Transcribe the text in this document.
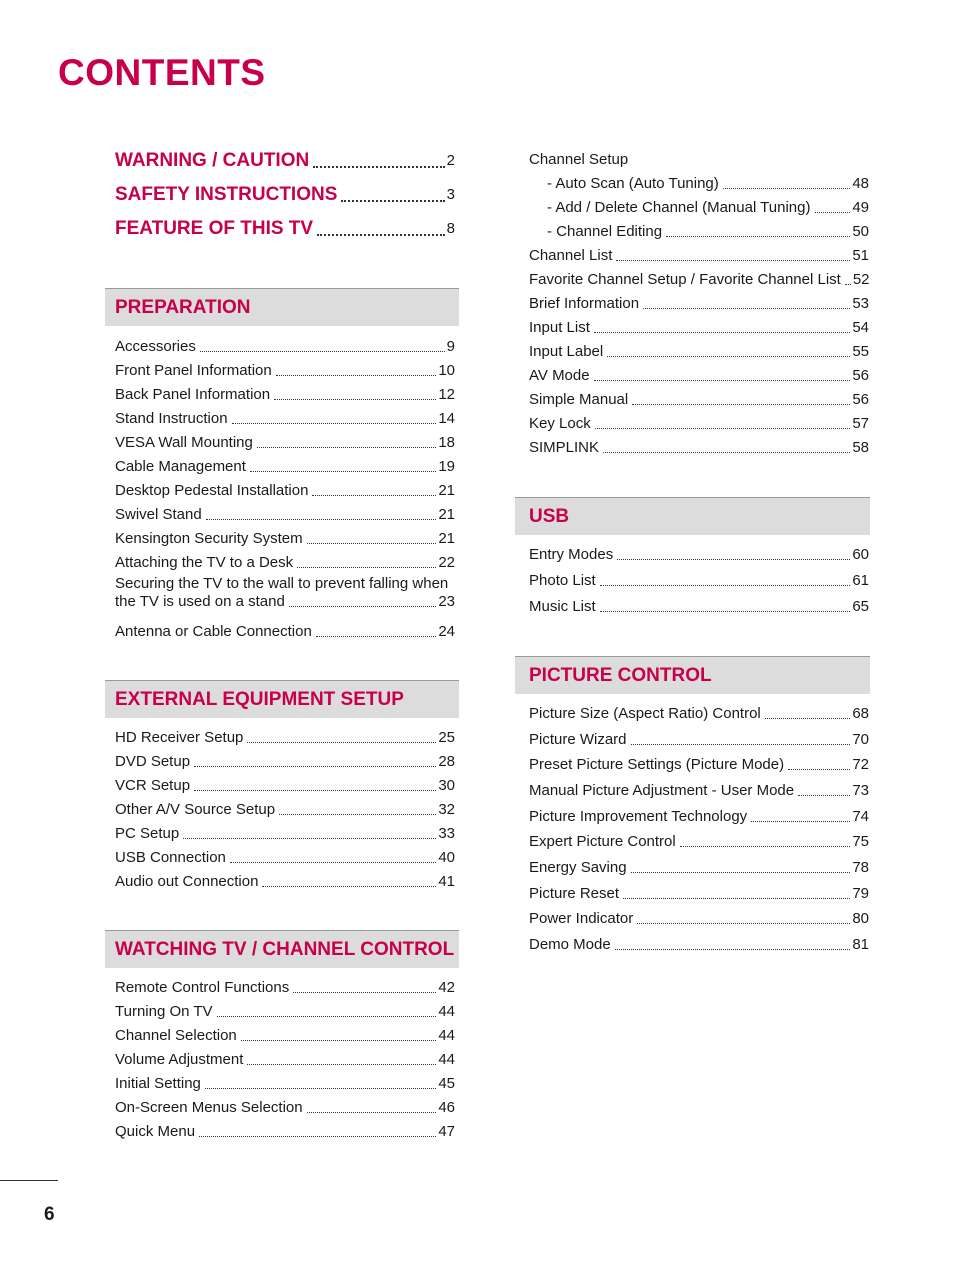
CONTENTS
WARNING / CAUTION	2
SAFETY INSTRUCTIONS	3
FEATURE OF THIS TV	8
PREPARATION
Accessories	9
Front Panel Information	10
Back Panel Information	12
Stand Instruction	14
VESA Wall Mounting	18
Cable Management	19
Desktop Pedestal Installation	21
Swivel Stand	21
Kensington Security System	21
Attaching the TV to a Desk	22
Securing the TV to the wall to prevent falling when
the TV is used on a stand	23
Antenna or Cable Connection	24
EXTERNAL EQUIPMENT SETUP
HD Receiver Setup	25
DVD Setup	28
VCR Setup	30
Other A/V Source Setup	32
PC Setup	33
USB Connection	40
Audio out Connection	41
WATCHING TV / CHANNEL CONTROL
Remote Control Functions	42
Turning On TV	44
Channel Selection	44
Volume Adjustment	44
Initial Setting	45
On-Screen Menus Selection	46
Quick Menu	47
Channel Setup
- Auto Scan (Auto Tuning)	48
- Add / Delete Channel (Manual Tuning)	49
- Channel Editing	50
Channel List	51
Favorite Channel Setup / Favorite Channel List 52
Brief Information	53
Input List	54
Input Label	55
AV Mode	56
Simple Manual	56
Key Lock	57
SIMPLINK	58
USB
Entry Modes	60
Photo List	61
Music List	65
PICTURE CONTROL
Picture Size (Aspect Ratio) Control	68
Picture Wizard	70
Preset Picture Settings (Picture Mode)	72
Manual Picture Adjustment - User Mode	73
Picture Improvement Technology	74
Expert Picture Control	75
Energy Saving	78
Picture Reset	79
Power Indicator	80
Demo Mode	81
6
